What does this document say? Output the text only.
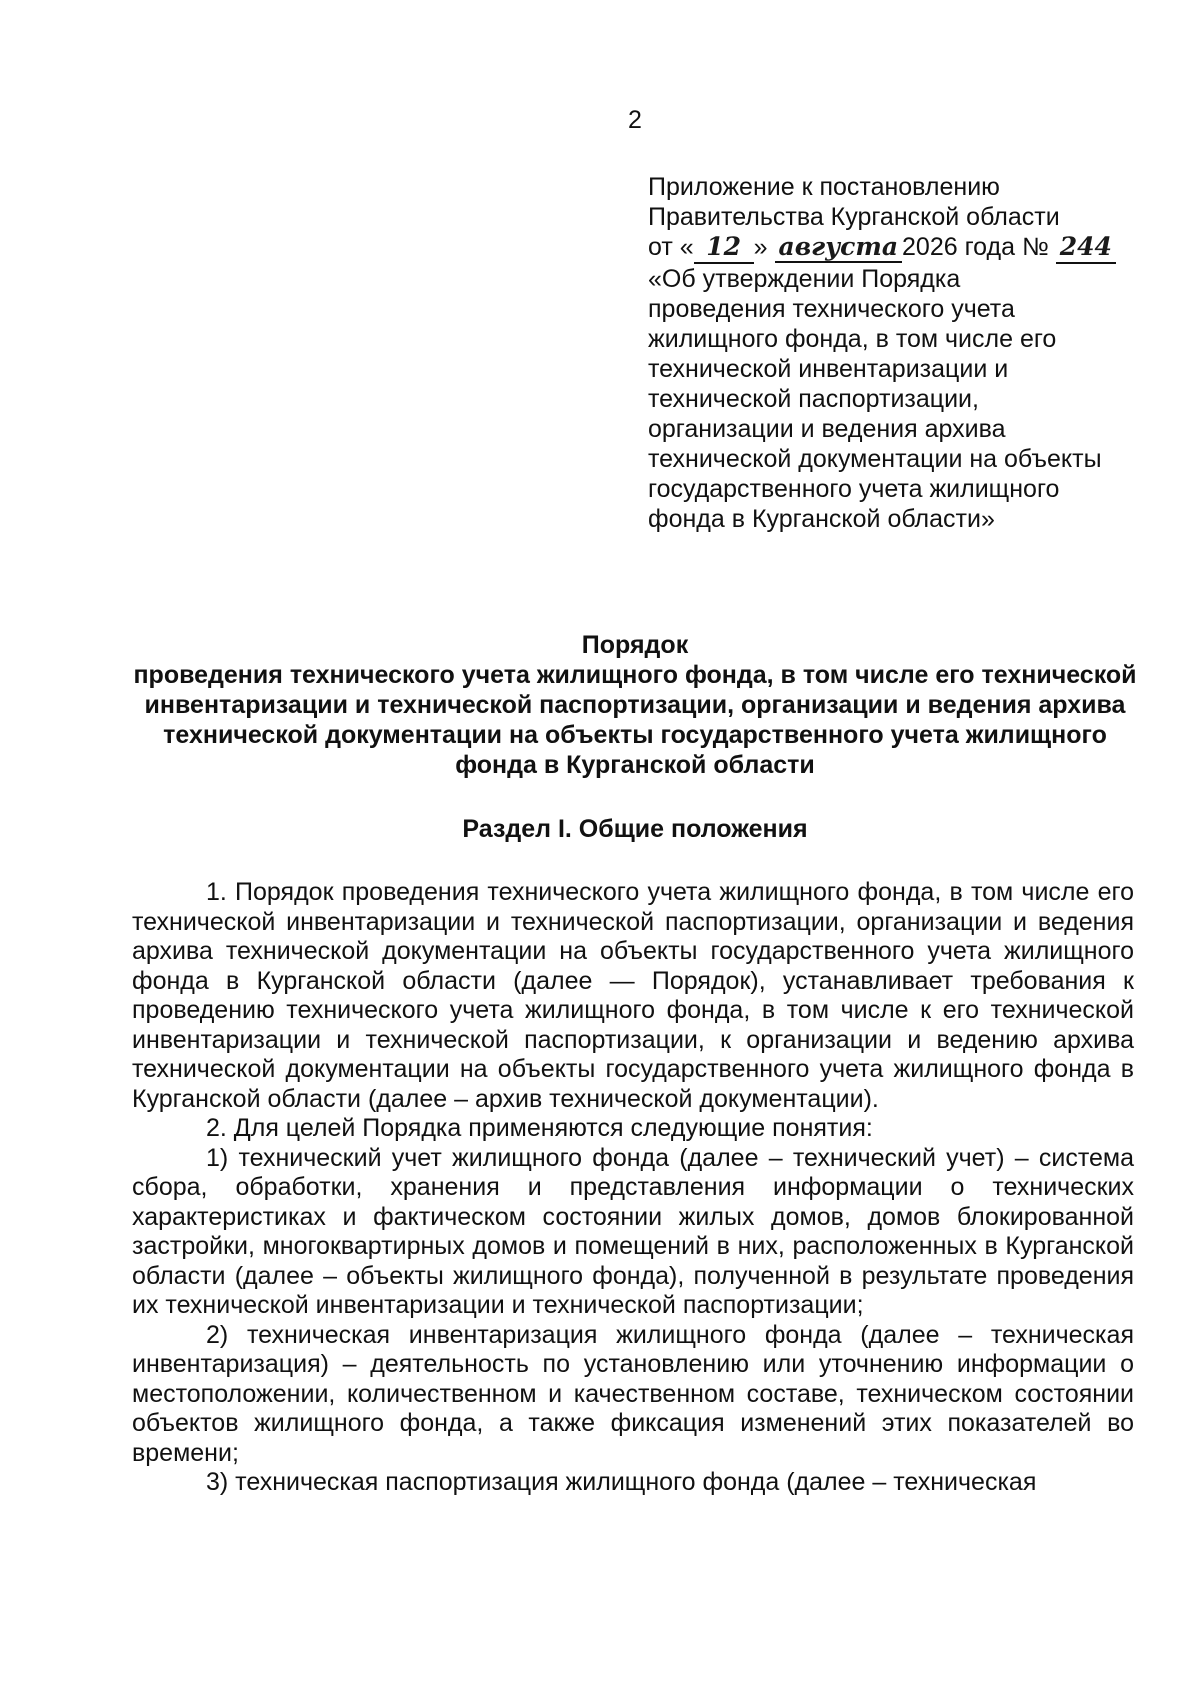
2
Приложение к постановлению
Правительства Курганской области
от « 12 » августа 2026 года № 244
«Об утверждении Порядка
проведения технического учета
жилищного фонда, в том числе его
технической инвентаризации и
технической паспортизации,
организации и ведения архива
технической документации на объекты
государственного учета жилищного
фонда в Курганской области»
Порядок
проведения технического учета жилищного фонда, в том числе его технической инвентаризации и технической паспортизации, организации и ведения архива технической документации на объекты государственного учета жилищного фонда в Курганской области
Раздел I. Общие положения

1. Порядок проведения технического учета жилищного фонда, в том числе его технической инвентаризации и технической паспортизации, организации и ведения архива технической документации на объекты государственного учета жилищного фонда в Курганской области (далее — Порядок), устанавливает требования к проведению технического учета жилищного фонда, в том числе к его технической инвентаризации и технической паспортизации, к организации и ведению архива технической документации на объекты государственного учета жилищного фонда в Курганской области (далее – архив технической документации).

2. Для целей Порядка применяются следующие понятия:

1) технический учет жилищного фонда (далее – технический учет) – система сбора, обработки, хранения и представления информации о технических характеристиках и фактическом состоянии жилых домов, домов блокированной застройки, многоквартирных домов и помещений в них, расположенных в Курганской области (далее – объекты жилищного фонда), полученной в результате проведения их технической инвентаризации и технической паспортизации;

2) техническая инвентаризация жилищного фонда (далее – техническая инвентаризация) – деятельность по установлению или уточнению информации о местоположении, количественном и качественном составе, техническом состоянии объектов жилищного фонда, а также фиксация изменений этих показателей во времени;

3) техническая паспортизация жилищного фонда (далее – техническая
